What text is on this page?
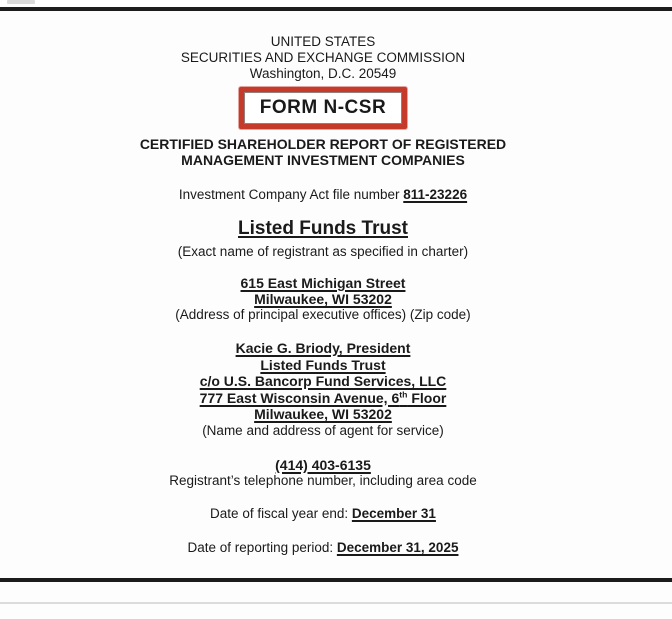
UNITED STATES
SECURITIES AND EXCHANGE COMMISSION
Washington, D.C. 20549
FORM N-CSR
CERTIFIED SHAREHOLDER REPORT OF REGISTERED
MANAGEMENT INVESTMENT COMPANIES
Investment Company Act file number 811-23226
Listed Funds Trust
(Exact name of registrant as specified in charter)
615 East Michigan Street
Milwaukee, WI 53202
(Address of principal executive offices) (Zip code)
Kacie G. Briody, President
Listed Funds Trust
c/o U.S. Bancorp Fund Services, LLC
777 East Wisconsin Avenue, 6th Floor
Milwaukee, WI 53202
(Name and address of agent for service)
(414) 403-6135
Registrant’s telephone number, including area code
Date of fiscal year end: December 31
Date of reporting period: December 31, 2025
